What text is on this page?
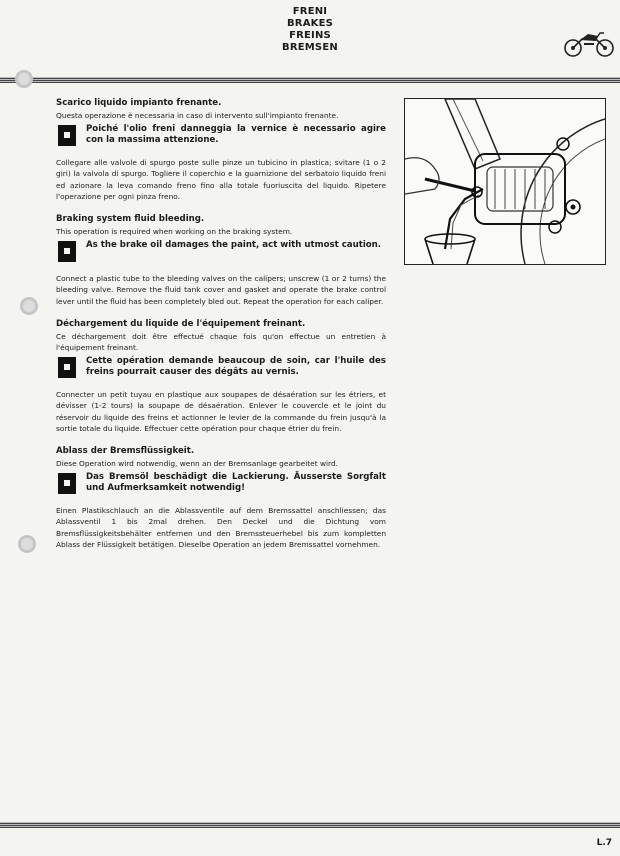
FRENI
BRAKES
FREINS
BREMSEN
Scarico liquido impianto frenante.

Questa operazione è necessaria in caso di intervento sull'impianto frenante.

Poiché l'olio freni danneggia la vernice è necessario agire con la massima attenzione.

Collegare alle valvole di spurgo poste sulle pinze un tubicino in plastica; svitare (1 o 2 giri) la valvola di spurgo. Togliere il coperchio e la guarnizione del serbatoio liquido freni ed azionare la leva comando freno fino alla totale fuoriuscita del liquido. Ripetere l'operazione per ogni pinza freno.

Braking system fluid bleeding.

This operation is required when working on the braking system.

As the brake oil damages the paint, act with utmost caution.

Connect a plastic tube to the bleeding valves on the calipers; unscrew (1 or 2 turns) the bleeding valve. Remove the fluid tank cover and gasket and operate the brake control lever until the fluid has been completely bled out. Repeat the operation for each caliper.

Déchargement du liquide de l'équipement freinant.

Ce déchargement doit être effectué chaque fois qu'on effectue un entretien à l'équipement freinant.

Cette opération demande beaucoup de soin, car l'huile des freins pourrait causer des dégâts au vernis.

Connecter un petit tuyau en plastique aux soupapes de désaération sur les étriers, et dévisser (1-2 tours) la soupape de désaération. Enlever le couvercle et le joint du réservoir du liquide des freins et actionner le levier de la commande du frein jusqu'à la sortie totale du liquide. Effectuer cette opération pour chaque étrier du frein.

Ablass der Bremsflüssigkeit.

Diese Operation wird notwendig, wenn an der Bremsanlage gearbeitet wird.

Das Bremsöl beschädigt die Lackierung. Äusserste Sorgfalt und Aufmerksamkeit notwendig!

Einen Plastikschlauch an die Ablassventile auf dem Bremssattel anschliessen; das Ablassventil 1 bis 2mal drehen. Den Deckel und die Dichtung vom Bremsflüssigkeitsbehälter entfernen und den Bremssteuerhebel bis zum kompletten Ablass der Flüssigkeit betätigen. Dieselbe Operation an jedem Bremssattel vornehmen.

L.7
